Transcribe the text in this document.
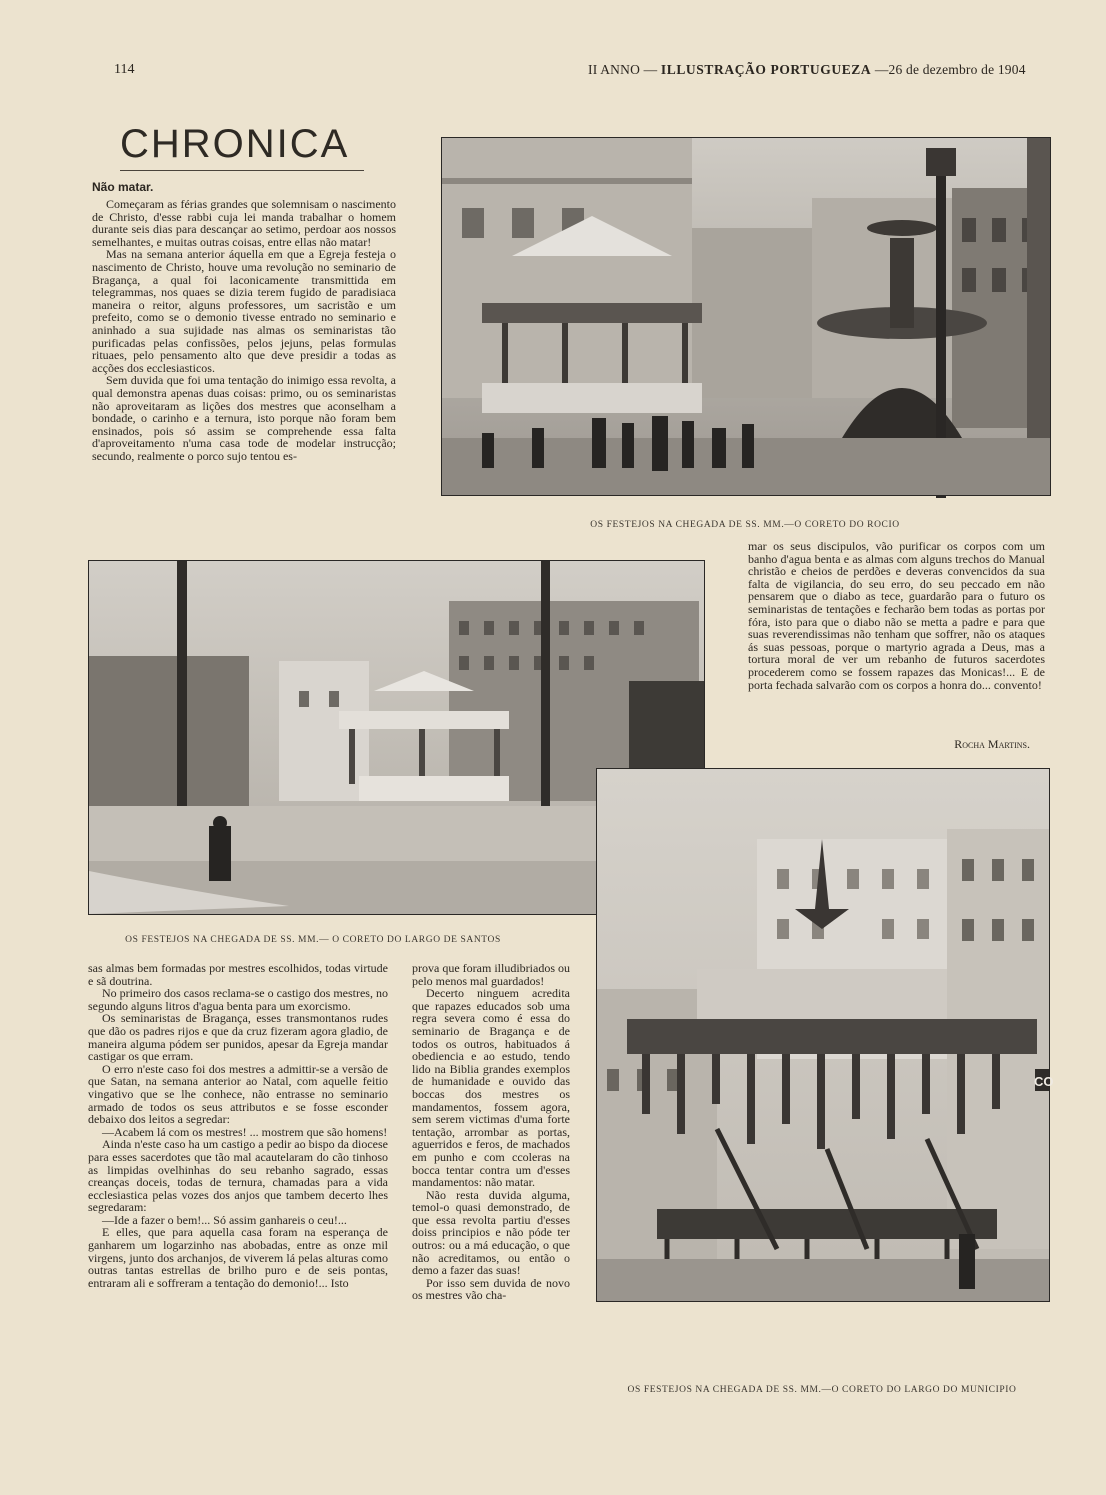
114	II ANNO — ILLUSTRAÇÃO PORTUGUEZA —26 de dezembro de 1904
CHRONICA
Não matar.

Começaram as férias grandes que solemnisam o nascimento de Christo, d'esse rabbi cuja lei manda trabalhar o homem durante seis dias para descançar ao setimo, perdoar aos nossos semelhantes, e muitas outras coisas, entre ellas não matar!

Mas na semana anterior áquella em que a Egreja festeja o nascimento de Christo, houve uma revolução no seminario de Bragança, a qual foi laconicamente transmittida em telegrammas, nos quaes se dizia terem fugido de paradisiaca maneira o reitor, alguns professores, um sacristão e um prefeito, como se o demonio tivesse entrado no seminario e aninhado a sua sujidade nas almas os seminaristas tão purificadas pelas confissões, pelos jejuns, pelas formulas rituaes, pelo pensamento alto que deve presidir a todas as acções dos ecclesiasticos.

Sem duvida que foi uma tentação do inimigo essa revolta, a qual demonstra apenas duas coisas: primo, ou os seminaristas não aproveitaram as lições dos mestres que aconselham a bondade, o carinho e a ternura, isto porque não foram bem ensinados, pois só assim se comprehende essa falta d'aproveitamento n'uma casa tode de modelar instrucção; secundo, realmente o porco sujo tentou es-

OS FESTEJOS NA CHEGADA DE SS. MM.—O CORETO DO ROCIO

mar os seus discipulos, vão purificar os corpos com um banho d'agua benta e as almas com alguns trechos do Manual christão e cheios de perdões e deveras convencidos da sua falta de vigilancia, do seu erro, do seu peccado em não pensarem que o diabo as tece, guardarão para o futuro os seminaristas de tentações e fecharão bem todas as portas por fóra, isto para que o diabo não se metta a padre e para que suas reverendissimas não tenham que soffrer, não os ataques ás suas pessoas, porque o martyrio agrada a Deus, mas a tortura moral de ver um rebanho de futuros sacerdotes procederem como se fossem rapazes das Monicas!... E de porta fechada salvarão com os corpos a honra do... convento!

Rocha Martins.
OS FESTEJOS NA CHEGADA DE SS. MM.— O CORETO DO LARGO DE SANTOS
CO
OS FESTEJOS NA CHEGADA DE SS. MM.—O CORETO DO LARGO DO MUNICIPIO

sas almas bem formadas por mestres escolhidos, todas virtude e sã doutrina.

No primeiro dos casos reclama-se o castigo dos mestres, no segundo alguns litros d'agua benta para um exorcismo.

Os seminaristas de Bragança, esses transmontanos rudes que dão os padres rijos e que da cruz fizeram agora gladio, de maneira alguma pódem ser punidos, apesar da Egreja mandar castigar os que erram.

O erro n'este caso foi dos mestres a admittir-se a versão de que Satan, na semana anterior ao Natal, com aquelle feitio vingativo que se lhe conhece, não entrasse no seminario armado de todos os seus attributos e se fosse esconder debaixo dos leitos a segredar:

—Acabem lá com os mestres! ... mostrem que são homens!

Ainda n'este caso ha um castigo a pedir ao bispo da diocese para esses sacerdotes que tão mal acautelaram do cão tinhoso as limpidas ovelhinhas do seu rebanho sagrado, essas creanças doceis, todas de ternura, chamadas para a vida ecclesiastica pelas vozes dos anjos que tambem decerto lhes segredaram:

—Ide a fazer o bem!... Só assim ganhareis o ceu!...

E elles, que para aquella casa foram na esperança de ganharem um logarzinho nas abobadas, entre as onze mil virgens, junto dos archanjos, de viverem lá pelas alturas como outras tantas estrellas de brilho puro e de seis pontas, entraram ali e soffreram a tentação do demonio!... Isto

prova que foram illudibriados ou pelo menos mal guardados!

Decerto ninguem acredita que rapazes educados sob uma regra severa como é essa do seminario de Bragança e de todos os outros, habituados á obediencia e ao estudo, tendo lido na Biblia grandes exemplos de humanidade e ouvido das boccas dos mestres os mandamentos, fossem agora, sem serem victimas d'uma forte tentação, arrombar as portas, aguerridos e feros, de machados em punho e com ccoleras na bocca tentar contra um d'esses mandamentos: não matar.

Não resta duvida alguma, temol-o quasi demonstrado, de que essa revolta partiu d'esses doiss principios e não póde ter outros: ou a má educação, o que não acreditamos, ou então o demo a fazer das suas!

Por isso sem duvida de novo os mestres vão cha-
